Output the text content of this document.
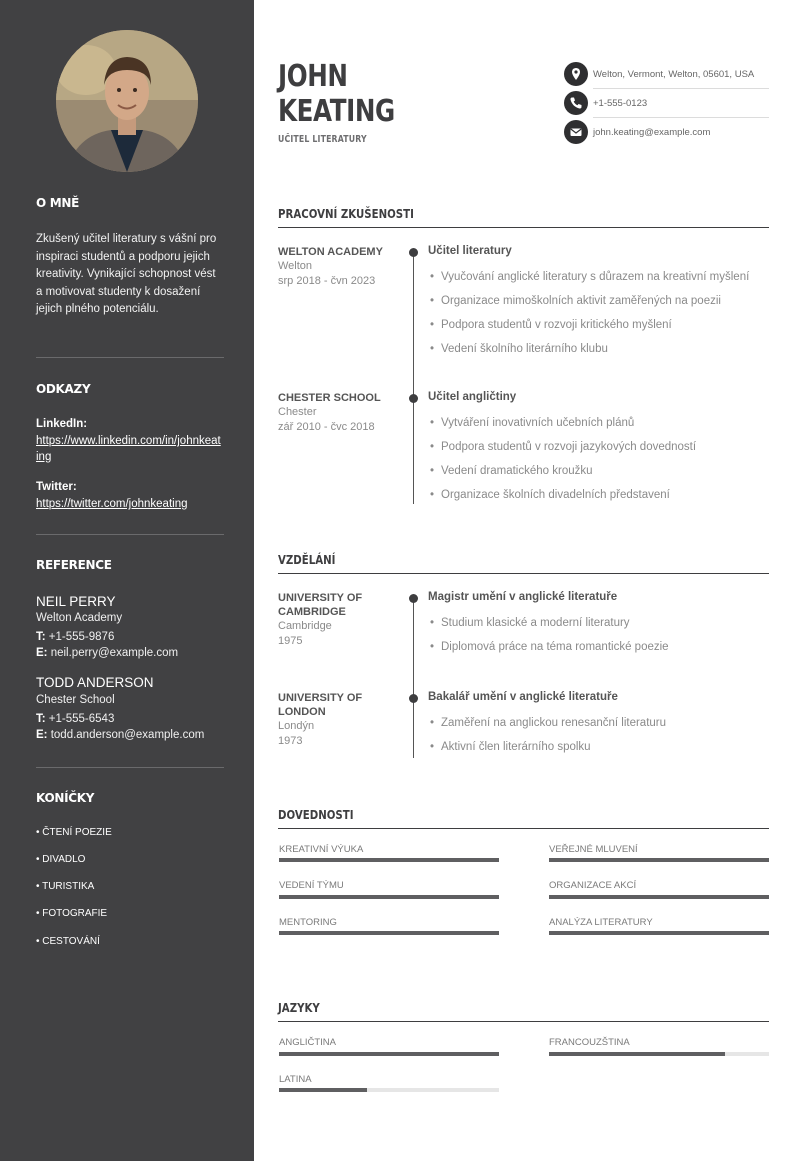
O MNĚ
Zkušený učitel literatury s vášní pro inspiraci studentů a podporu jejich kreativity. Vynikající schopnost vést a motivovat studenty k dosažení jejich plného potenciálu.
ODKAZY
LinkedIn:
https://www.linkedin.com/in/johnkeating
Twitter:
https://twitter.com/johnkeating
REFERENCE
NEIL PERRY
Welton Academy
T: +1-555-9876
E: neil.perry@example.com
TODD ANDERSON
Chester School
T: +1-555-6543
E: todd.anderson@example.com
KONÍČKY
• ČTENÍ POEZIE
• DIVADLO
• TURISTIKA
• FOTOGRAFIE
• CESTOVÁNÍ
JOHN
KEATING
UČITEL LITERATURY
Welton, Vermont, Welton, 05601, USA
+1-555-0123
john.keating@example.com
PRACOVNÍ ZKUŠENOSTI
WELTON ACADEMY
Welton
srp 2018 - čvn 2023
Učitel literatury
• Vyučování anglické literatury s důrazem na kreativní myšlení
• Organizace mimoškolních aktivit zaměřených na poezii
• Podpora studentů v rozvoji kritického myšlení
• Vedení školního literárního klubu
CHESTER SCHOOL
Chester
zář 2010 - čvc 2018
Učitel angličtiny
• Vytváření inovativních učebních plánů
• Podpora studentů v rozvoji jazykových dovedností
• Vedení dramatického kroužku
• Organizace školních divadelních představení
VZDĚLÁNÍ
UNIVERSITY OF CAMBRIDGE
Cambridge
1975
Magistr umění v anglické literatuře
• Studium klasické a moderní literatury
• Diplomová práce na téma romantické poezie
UNIVERSITY OF LONDON
Londýn
1973
Bakalář umění v anglické literatuře
• Zaměření na anglickou renesanční literaturu
• Aktivní člen literárního spolku
DOVEDNOSTI
KREATIVNÍ VÝUKA	VEŘEJNÉ MLUVENÍ
VEDENÍ TÝMU	ORGANIZACE AKCÍ
MENTORING	ANALÝZA LITERATURY
JAZYKY
ANGLIČTINA	FRANCOUZŠTINA
LATINA
